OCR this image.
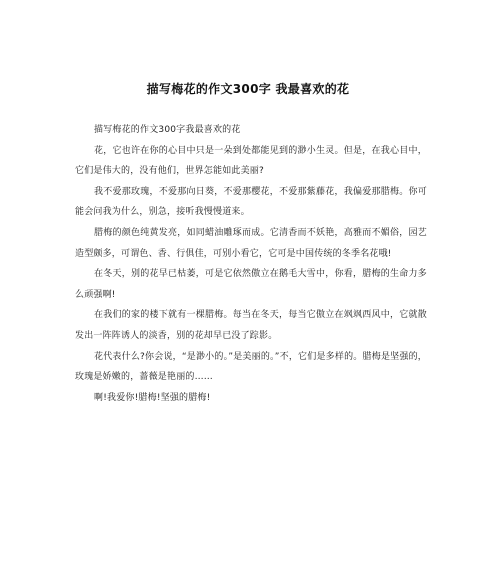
描写梅花的作文300字 我最喜欢的花

描写梅花的作文300字我最喜欢的花

花，它也许在你的心目中只是一朵到处都能见到的渺小生灵。但是，在我心目中，它们是伟大的，没有他们，世界怎能如此美丽?

我不爱那玫瑰，不爱那向日葵，不爱那樱花，不爱那紫藤花，我偏爱那腊梅。你可能会问我为什么，别急，接听我慢慢道来。

腊梅的颜色纯黄发亮，如同蜡油雕琢而成。它清香而不妖艳，高雅而不媚俗，园艺造型颇多，可谓色、香、行俱佳，可别小看它，它可是中国传统的冬季名花哦!

在冬天，别的花早已枯萎，可是它依然傲立在鹅毛大雪中，你看，腊梅的生命力多么顽强啊!

在我们的家的楼下就有一棵腊梅。每当在冬天，每当它傲立在飒飒西风中，它就散发出一阵阵诱人的淡香，别的花却早已没了踪影。

花代表什么?你会说，“是渺小的。”是美丽的。”不，它们是多样的。腊梅是坚强的，玫瑰是娇嫩的，蔷薇是艳丽的……

啊!我爱你!腊梅!坚强的腊梅!
